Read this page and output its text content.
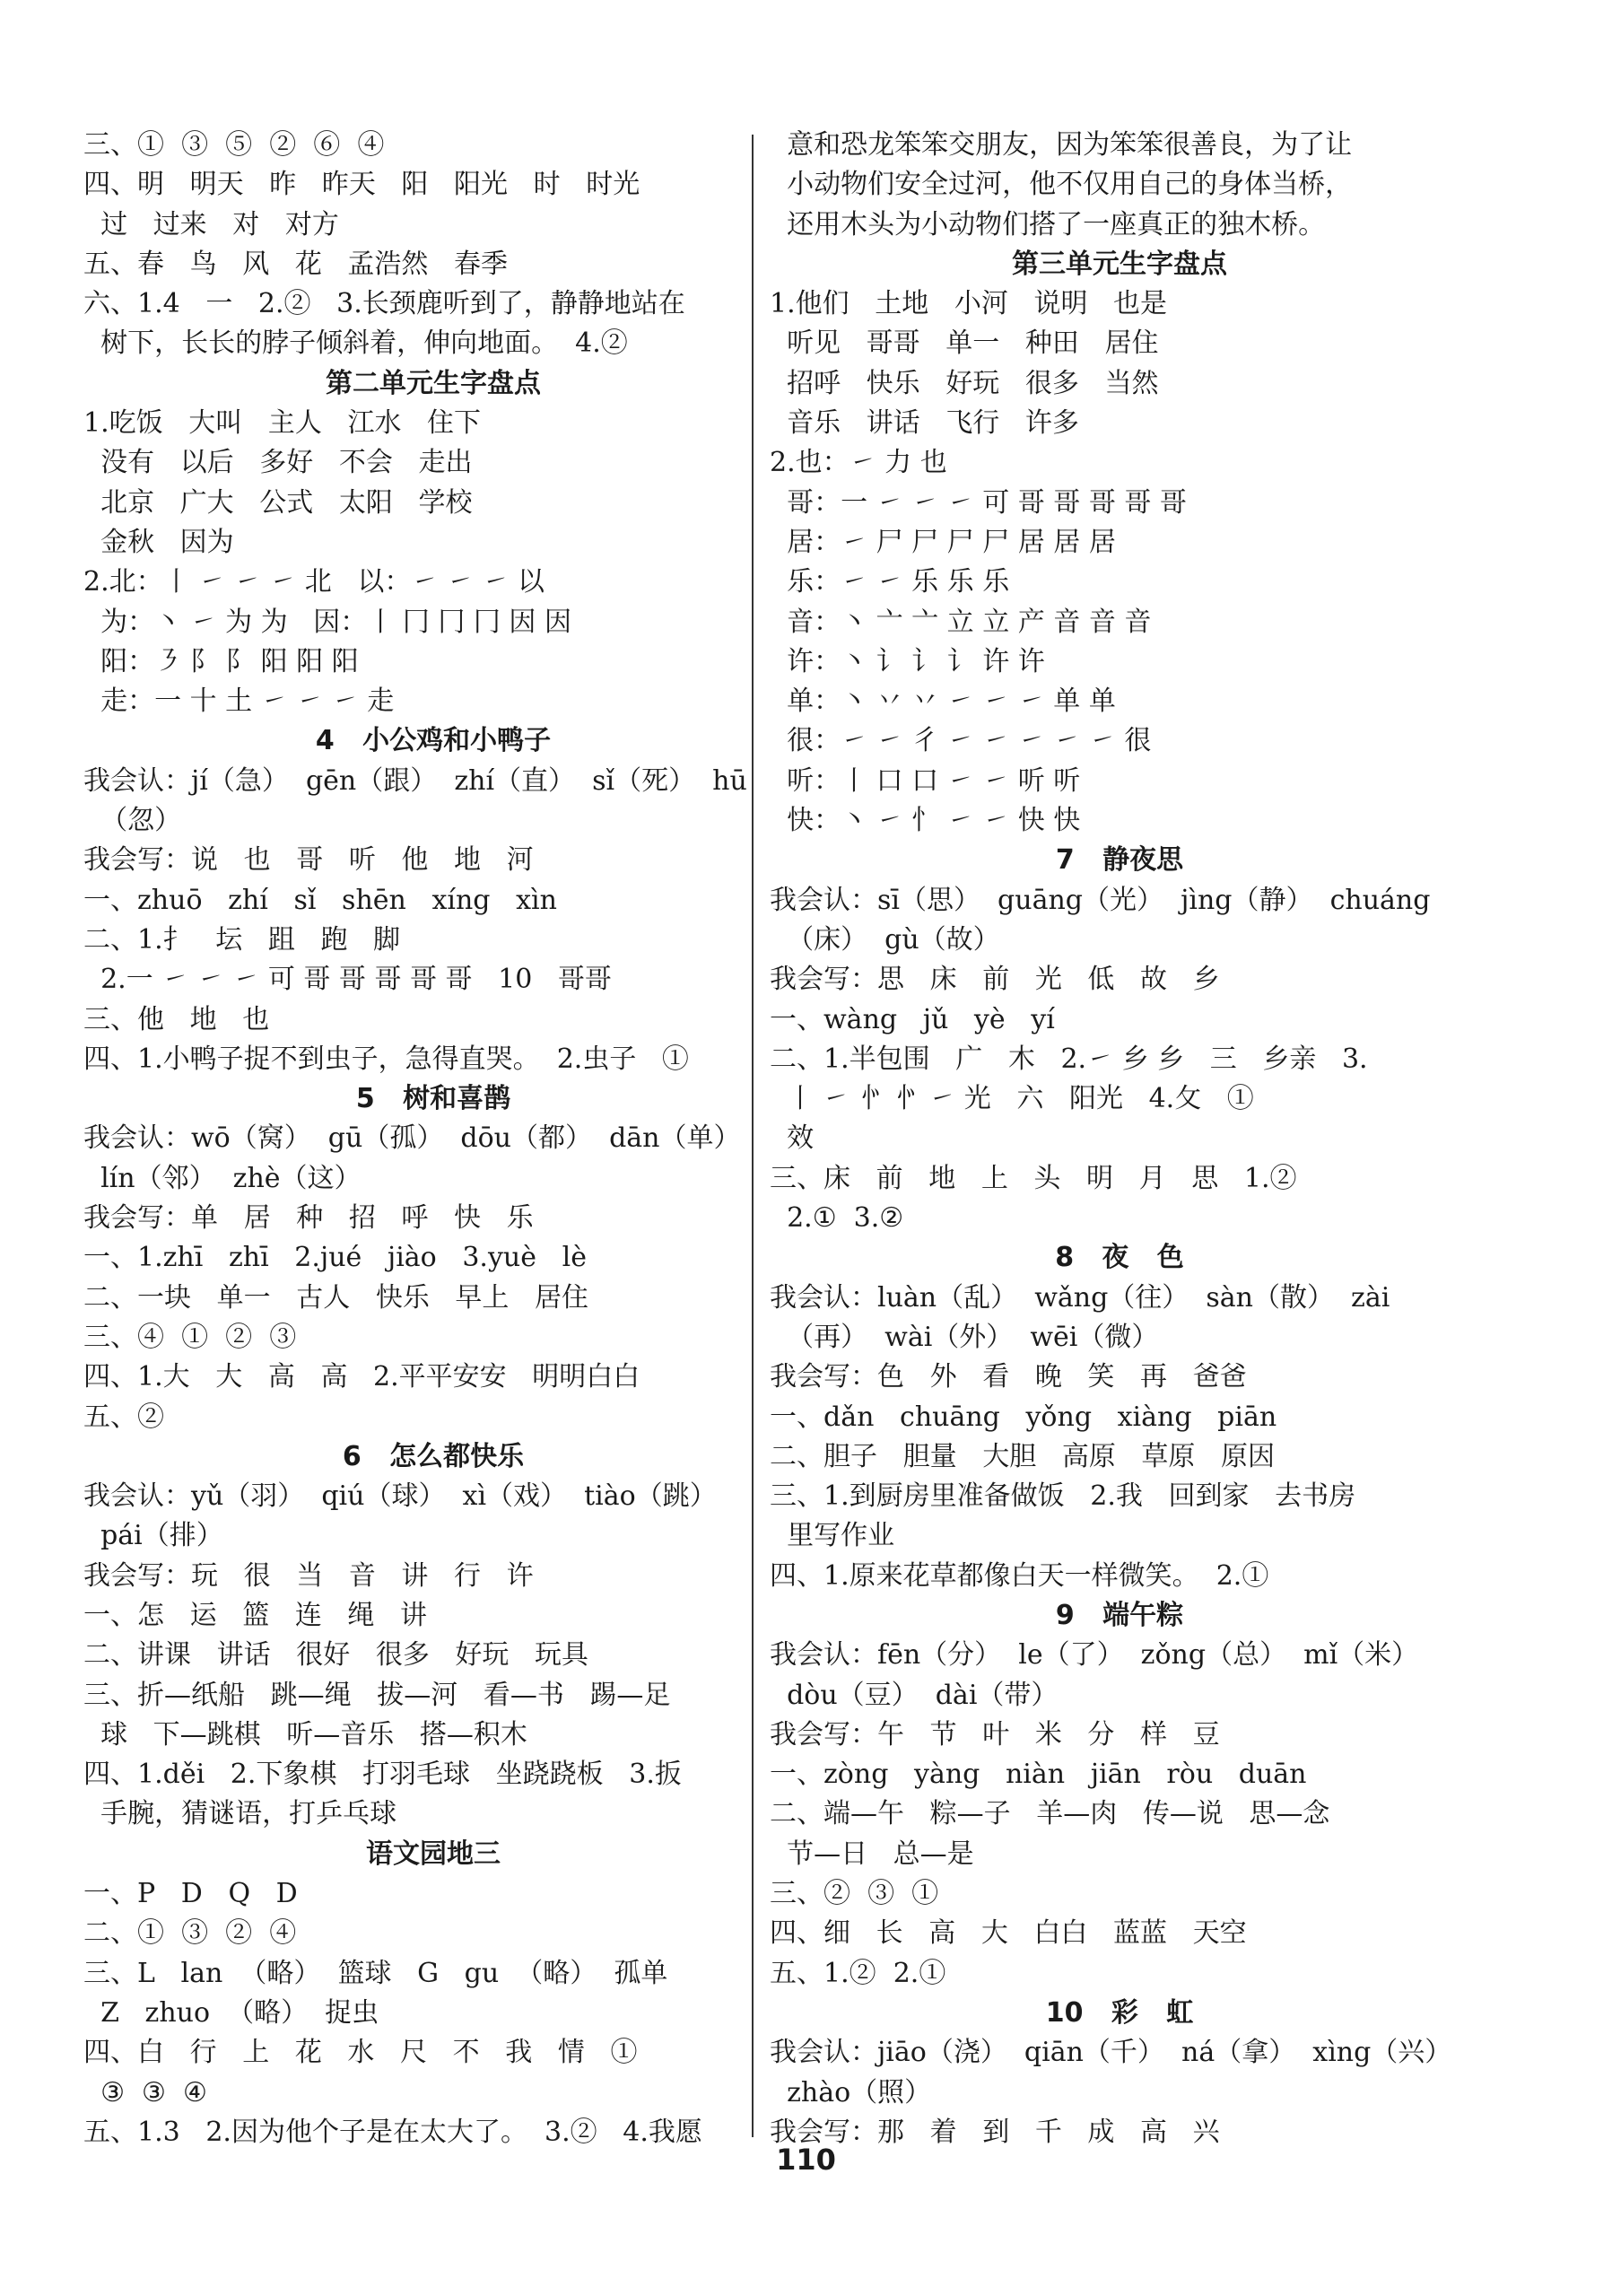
三、①  ③  ⑤  ②  ⑥  ④
四、明   明天   昨   昨天   阳   阳光   时   时光
过   过来   对   对方
五、春   鸟   风   花   孟浩然   春季
六、1.4   一   2.②   3.长颈鹿听到了，静静地站在
树下，长长的脖子倾斜着，伸向地面。  4.②
第二单元生字盘点
1.吃饭   大叫   主人   江水   住下
没有   以后   多好   不会   走出
北京   广大   公式   太阳   学校
金秋   因为
2.北：丨 ㇀ ㇀ ㇀ 北   以：㇀ ㇀ ㇀ 以
为：丶 ㇀ 为 为   因：丨 冂 冂 冂 因 因
阳：㇋ 阝 阝 阳 阳 阳
走：一 十 土 ㇀ ㇀ ㇀ 走
4   小公鸡和小鸭子
我会认：jí（急）  gēn（跟）  zhí（直）  sǐ（死）  hū
（忽）
我会写：说   也   哥   听   他   地   河
一、zhuō   zhí   sǐ   shēn   xíng   xìn
二、1.⺘   坛   跙   跑   脚
2.一 ㇀ ㇀ ㇀ 可 哥 哥 哥 哥 哥   10   哥哥
三、他   地   也
四、1.小鸭子捉不到虫子，急得直哭。  2.虫子   ①
5   树和喜鹊
我会认：wō（窝）  gū（孤）  dōu（都）  dān（单）
lín（邻）  zhè（这）
我会写：单   居   种   招   呼   快   乐
一、1.zhī   zhī   2.jué   jiào   3.yuè   lè
二、一块   单一   古人   快乐   早上   居住
三、④  ①  ②  ③
四、1.大   大   高   高   2.平平安安   明明白白
五、②
6   怎么都快乐
我会认：yǔ（羽）  qiú（球）  xì（戏）  tiào（跳）
pái（排）
我会写：玩   很   当   音   讲   行   许
一、怎   运   篮   连   绳   讲
二、讲课   讲话   很好   很多   好玩   玩具
三、折—纸船   跳—绳   拔—河   看—书   踢—足
球   下—跳棋   听—音乐   搭—积木
四、1.děi   2.下象棋   打羽毛球   坐跷跷板   3.扳
手腕，猜谜语，打乒乓球
语文园地三
一、P   D   Q   D
二、①  ③  ②  ④
三、L   lan  （略）  篮球   G   gu  （略）  孤单
Z   zhuo  （略）  捉虫
四、白   行   上   花   水   尺   不   我   情   ①
③  ③  ④
五、1.3   2.因为他个子是在太大了。  3.②   4.我愿
意和恐龙笨笨交朋友，因为笨笨很善良，为了让
小动物们安全过河，他不仅用自己的身体当桥，
还用木头为小动物们搭了一座真正的独木桥。
第三单元生字盘点
1.他们   土地   小河   说明   也是
听见   哥哥   单一   种田   居住
招呼   快乐   好玩   很多   当然
音乐   讲话   飞行   许多
2.也：㇀ 力 也
哥：一 ㇀ ㇀ ㇀ 可 哥 哥 哥 哥 哥
居：㇀ 尸 尸 尸 尸 居 居 居
乐：㇀ ㇀ 乐 乐 乐
音：丶 亠 亠 立 立 产 音 音 音
许：丶 讠 讠 讠 许 许
单：丶 丷 丷 ㇀ ㇀ ㇀ 单 单
很：㇀ ㇀ 彳 ㇀ ㇀ ㇀ ㇀ ㇀ 很
听：丨 口 口 ㇀ ㇀ 听 听
快：丶 ㇀ 忄 ㇀ ㇀ 快 快
7   静夜思
我会认：sī（思）  guāng（光）  jìng（静）  chuáng
（床）  gù（故）
我会写：思   床   前   光   低   故   乡
一、wàng   jǔ   yè   yí
二、1.半包围   广   木   2.㇀ 乡 乡   三   乡亲   3.
丨 ㇀ 㣺 㣺 ㇀ 光   六   阳光   4.攵   ①
效
三、床   前   地   上   头   明   月   思   1.②
2.①  3.②
8   夜   色
我会认：luàn（乱）  wǎng（往）  sàn（散）  zài
（再）  wài（外）  wēi（微）
我会写：色   外   看   晚   笑   再   爸爸
一、dǎn   chuāng   yǒng   xiàng   piān
二、胆子   胆量   大胆   高原   草原   原因
三、1.到厨房里准备做饭   2.我   回到家   去书房
里写作业
四、1.原来花草都像白天一样微笑。  2.①
9   端午粽
我会认：fēn（分）  le（了）  zǒng（总）  mǐ（米）
dòu（豆）  dài（带）
我会写：午   节   叶   米   分   样   豆
一、zòng   yàng   niàn   jiān   ròu   duān
二、端—午   粽—子   羊—肉   传—说   思—念
节—日   总—是
三、②  ③  ①
四、细   长   高   大   白白   蓝蓝   天空
五、1.②  2.①
10   彩   虹
我会认：jiāo（浇）  qiān（千）  ná（拿）  xìng（兴）
zhào（照）
我会写：那   着   到   千   成   高   兴
110
